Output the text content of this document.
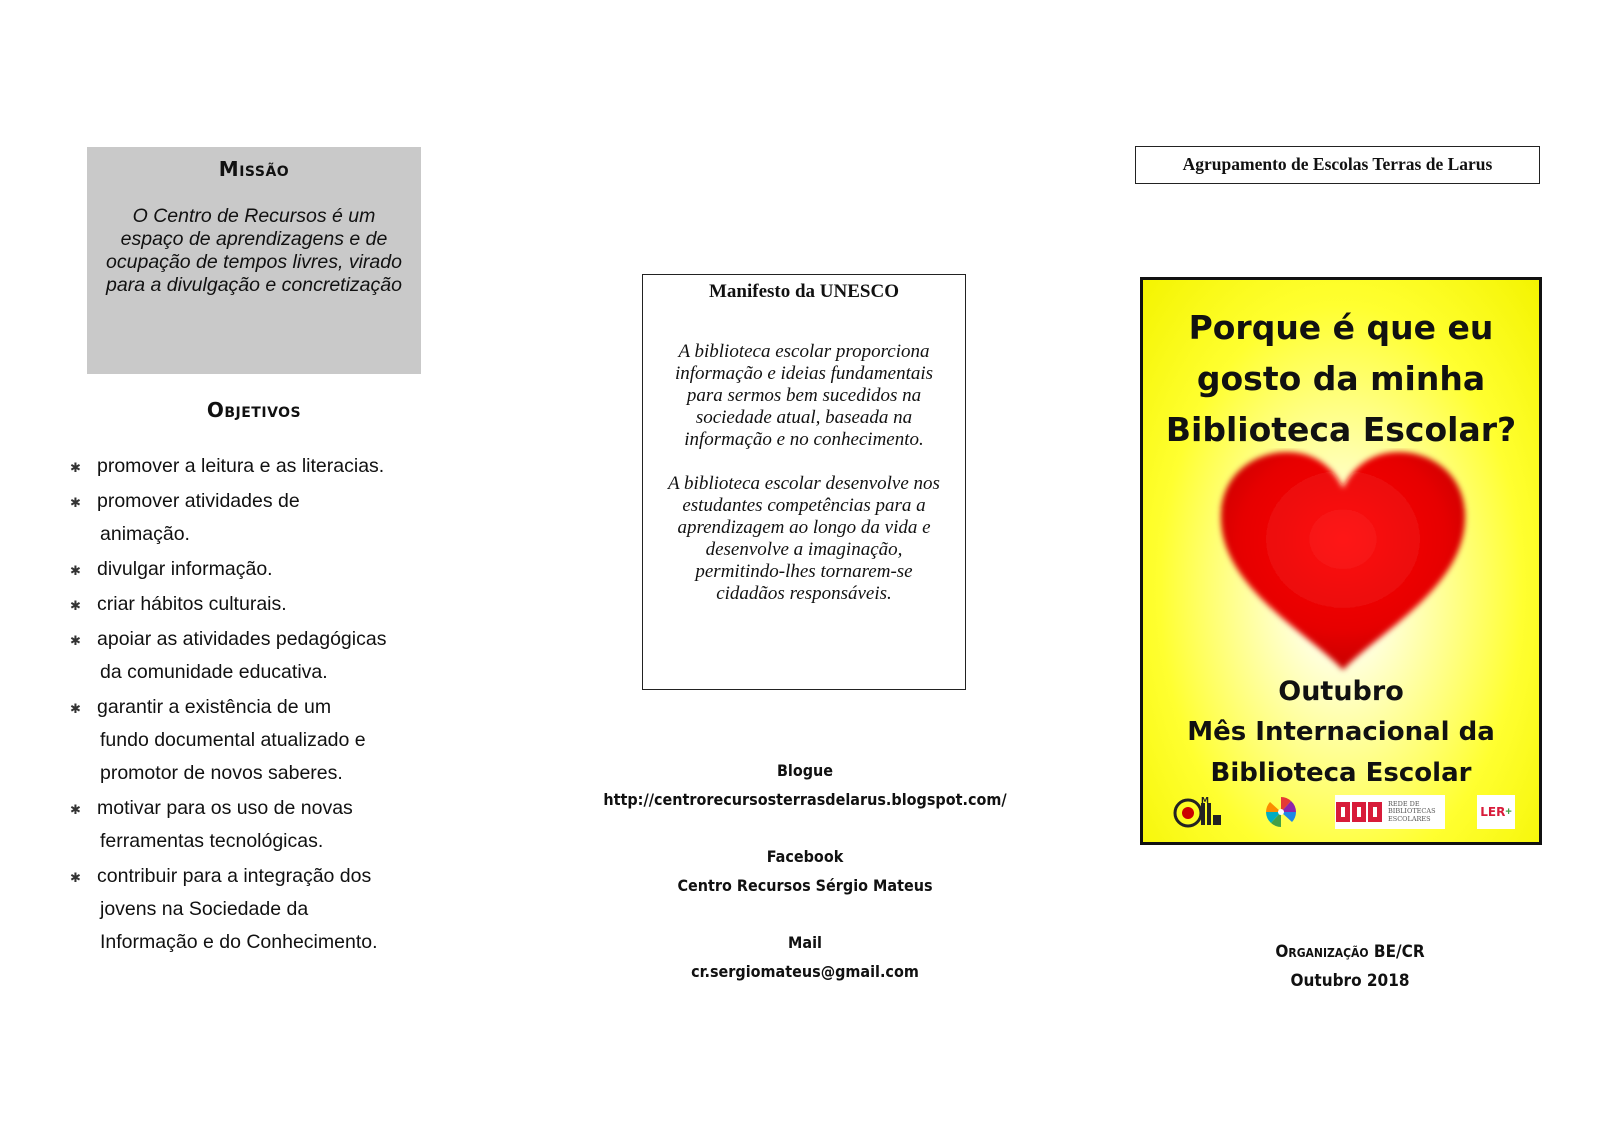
Missão

O Centro de Recursos é um
espaço de aprendizagens e de
ocupação de tempos livres, virado
para a divulgação e concretização

Objetivos
✱ promover a leitura e as literacias.
✱ promover atividades de
animação.
✱ divulgar informação.
✱ criar hábitos culturais.
✱ apoiar as atividades pedagógicas
da comunidade educativa.
✱ garantir a existência de um
fundo documental atualizado e
promotor de novos saberes.
✱ motivar para os uso de novas
ferramentas tecnológicas.
✱ contribuir para a integração dos
jovens na Sociedade da
Informação e do Conhecimento.
Manifesto da UNESCO

A biblioteca escolar proporciona
informação e ideias fundamentais
para sermos bem sucedidos na
sociedade atual, baseada na
informação e no conhecimento.

A biblioteca escolar desenvolve nos
estudantes competências para a
aprendizagem ao longo da vida e
desenvolve a imaginação,
permitindo-lhes tornarem-se
cidadãos responsáveis.

Blogue
http://centrorecursosterrasdelarus.blogspot.com/
Facebook
Centro Recursos Sérgio Mateus
Mail
cr.sergiomateus@gmail.com
Agrupamento de Escolas Terras de Larus
Porque é que eu
gosto da minha
Biblioteca Escolar?
Outubro
Mês Internacional da
Biblioteca Escolar
M	REDE DE
BIBLIOTECAS
ESCOLARES	LER +
Organização BE/CR
Outubro 2018
